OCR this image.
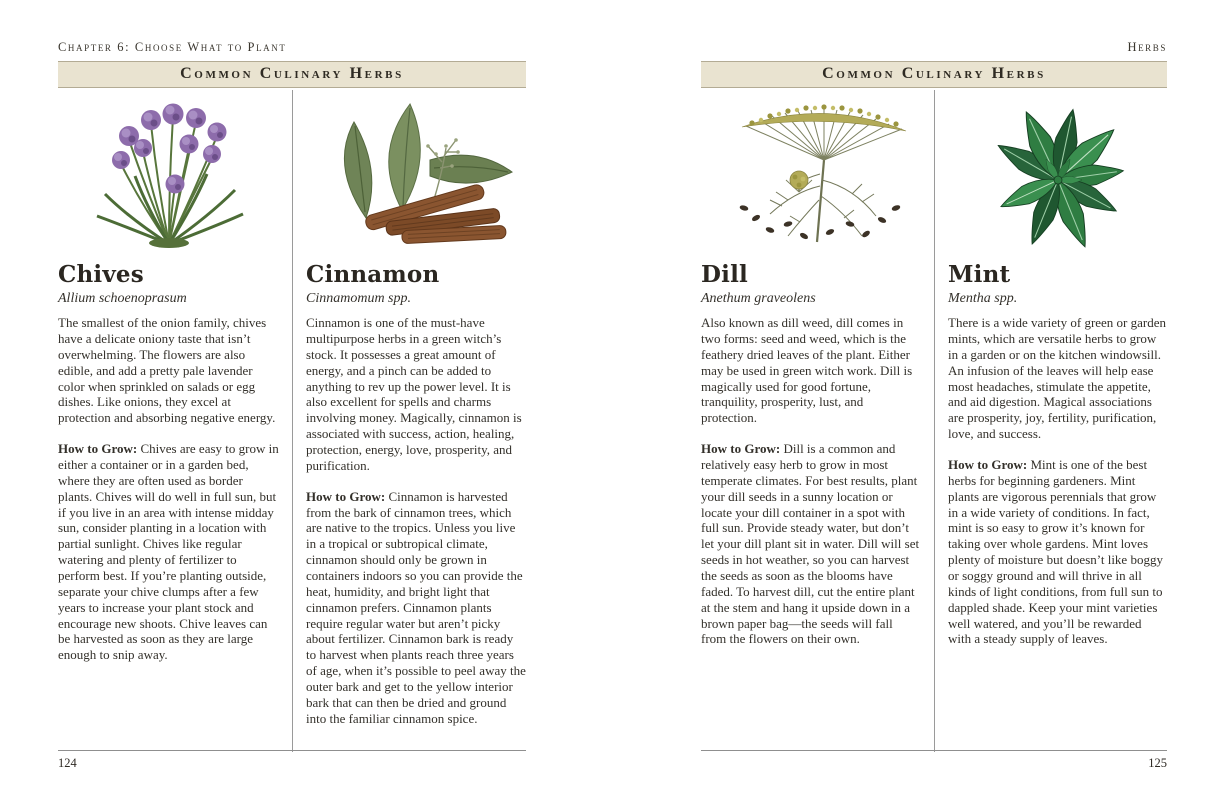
Chapter 6: Choose What to Plant
Common Culinary Herbs
Chives
Allium schoenoprasum

The smallest of the onion family, chives have a delicate oniony taste that isn’t overwhelming. The flowers are also edible, and add a pretty pale lavender color when sprinkled on salads or egg dishes. Like onions, they excel at protection and absorbing negative energy.

How to Grow: Chives are easy to grow in either a container or in a garden bed, where they are often used as border plants. Chives will do well in full sun, but if you live in an area with intense midday sun, consider planting in a location with partial sunlight. Chives like regular watering and plenty of fertilizer to perform best. If you’re planting outside, separate your chive clumps after a few years to increase your plant stock and encourage new shoots. Chive leaves can be harvested as soon as they are large enough to snip away.

Cinnamon
Cinnamomum spp.

Cinnamon is one of the must-have multipurpose herbs in a green witch’s stock. It possesses a great amount of energy, and a pinch can be added to anything to rev up the power level. It is also excellent for spells and charms involving money. Magically, cinnamon is associated with success, action, healing, protection, energy, love, prosperity, and purification.

How to Grow: Cinnamon is harvested from the bark of cinnamon trees, which are native to the tropics. Unless you live in a tropical or subtropical climate, cinnamon should only be grown in containers indoors so you can provide the heat, humidity, and bright light that cinnamon prefers. Cinnamon plants require regular water but aren’t picky about fertilizer. Cinnamon bark is ready to harvest when plants reach three years of age, when it’s possible to peel away the outer bark and get to the yellow interior bark that can then be dried and ground into the familiar cinnamon spice.

124
Herbs
Common Culinary Herbs
Dill
Anethum graveolens

Also known as dill weed, dill comes in two forms: seed and weed, which is the feathery dried leaves of the plant. Either may be used in green witch work. Dill is magically used for good fortune, tranquility, prosperity, lust, and protection.

How to Grow: Dill is a common and relatively easy herb to grow in most temperate climates. For best results, plant your dill seeds in a sunny location or locate your dill container in a spot with full sun. Provide steady water, but don’t let your dill plant sit in water. Dill will set seeds in hot weather, so you can harvest the seeds as soon as the blooms have faded. To harvest dill, cut the entire plant at the stem and hang it upside down in a brown paper bag—the seeds will fall from the flowers on their own.

Mint
Mentha spp.

There is a wide variety of green or garden mints, which are versatile herbs to grow in a garden or on the kitchen windowsill. An infusion of the leaves will help ease most headaches, stimulate the appetite, and aid digestion. Magical associations are prosperity, joy, fertility, purification, love, and success.

How to Grow: Mint is one of the best herbs for beginning gardeners. Mint plants are vigorous perennials that grow in a wide variety of conditions. In fact, mint is so easy to grow it’s known for taking over whole gardens. Mint loves plenty of moisture but doesn’t like boggy or soggy ground and will thrive in all kinds of light conditions, from full sun to dappled shade. Keep your mint varieties well watered, and you’ll be rewarded with a steady supply of leaves.

125
